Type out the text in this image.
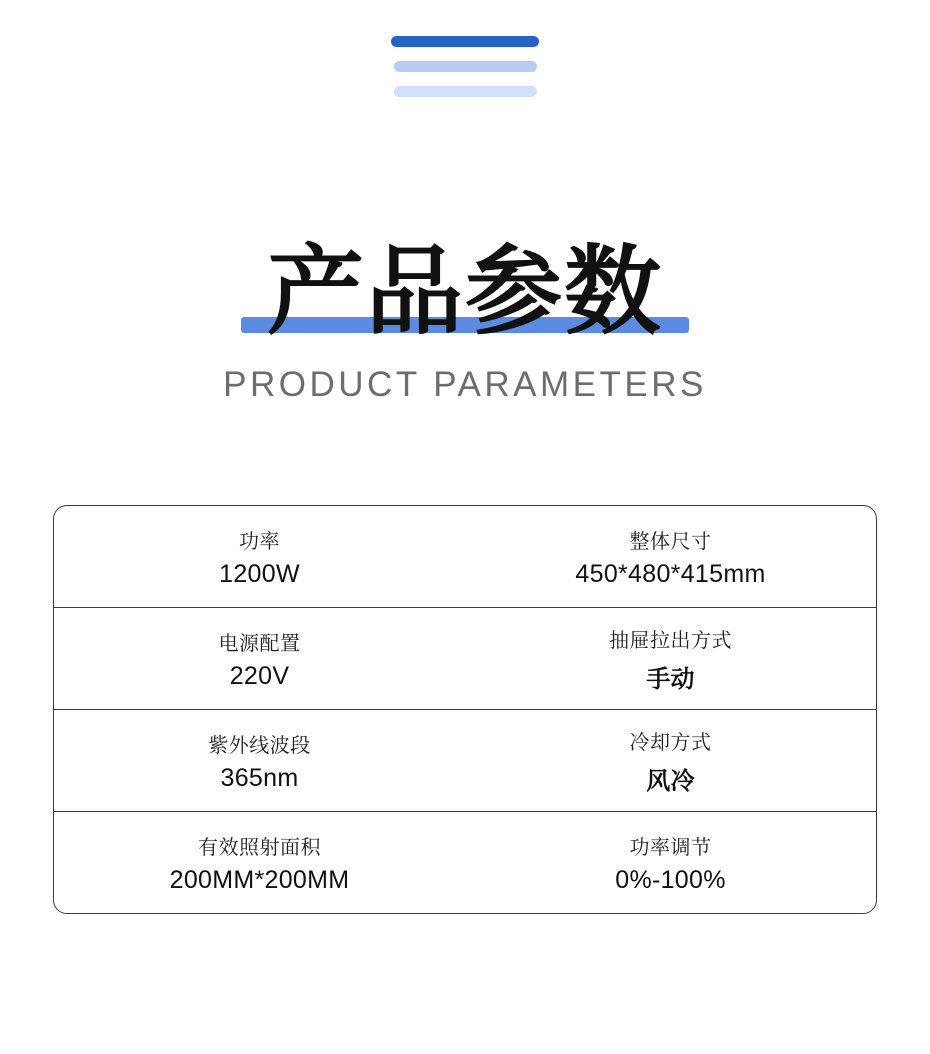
产品参数
PRODUCT PARAMETERS
功率
1200W
整体尺寸
450*480*415mm
电源配置
220V
抽屉拉出方式
手动
紫外线波段
365nm
冷却方式
风冷
有效照射面积
200MM*200MM
功率调节
0%-100%
